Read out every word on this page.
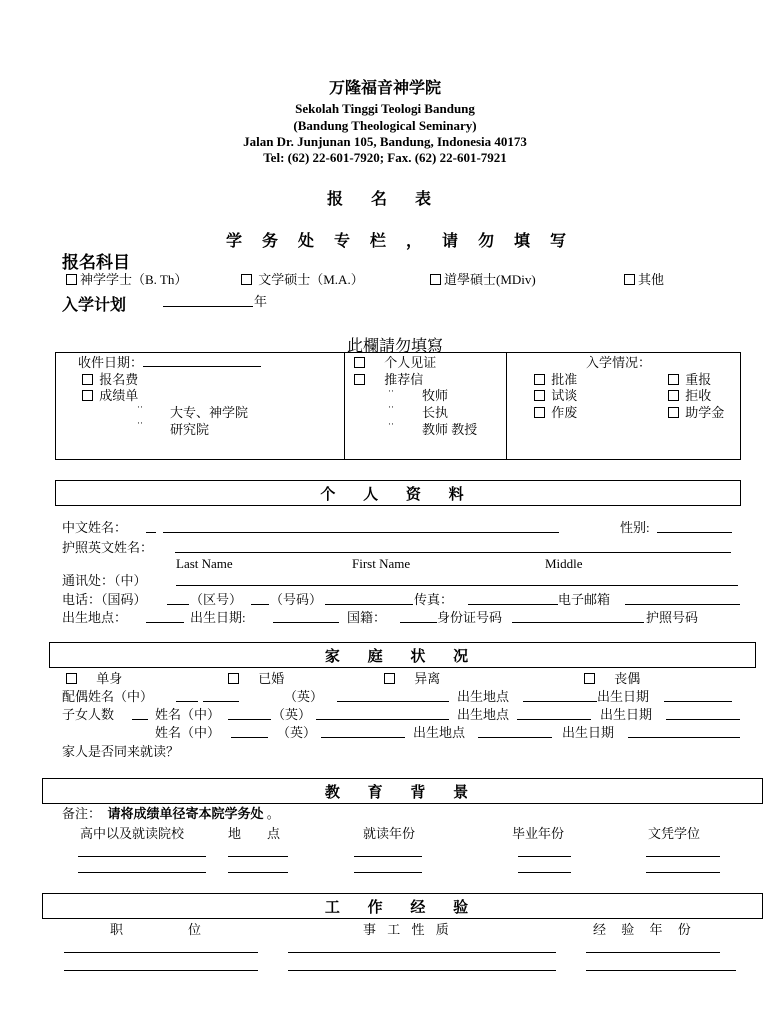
万隆福音神学院
Sekolah Tinggi Teologi Bandung
(Bandung Theological Seminary)
Jalan Dr. Junjunan 105, Bandung, Indonesia 40173
Tel: (62) 22-601-7920; Fax. (62) 22-601-7921
报 名 表
学 务 处 专 栏 ， 请 勿 填 写
报名科目
神学学士（B. Th）	文学硕士（M.A.）	道學碩士(MDiv)	其他
入学计划	年
此欄請勿填寫
收件日期：
报名费
成绩单
·· 大专、神学院
·· 研究院
　 个人见证
　 推荐信
·· 牧师
·· 长执
·· 教师 教授
入学情况：
批准
试谈
作废
重报
拒收
助学金
个 人 资 料
中文姓名：	性别:
护照英文姓名：
Last Name	First Name	Middle
通讯处：（中）
电话：（国码）	（区号） （号码）	传真：	电子邮箱
出生地点：	出生日期:	国籍：	身份证号码	护照号码
家 庭 状 况
　 单身
　	已婚
　	异离
　	丧偶
配偶姓名（中）	（英）	出生地点	出生日期
子女人数	姓名（中）	（英）	出生地点	出生日期
姓名（中）	（英）	出生地点	出生日期
家人是否同来就读？
教 育 背 景
备注：　 请将成绩单径寄本院学务处 。
高中以及就读院校	地　　点	就读年份	毕业年份	文凭学位
工 作 经 验
职　　　　　位	事 工 性 质	经 验 年 份
